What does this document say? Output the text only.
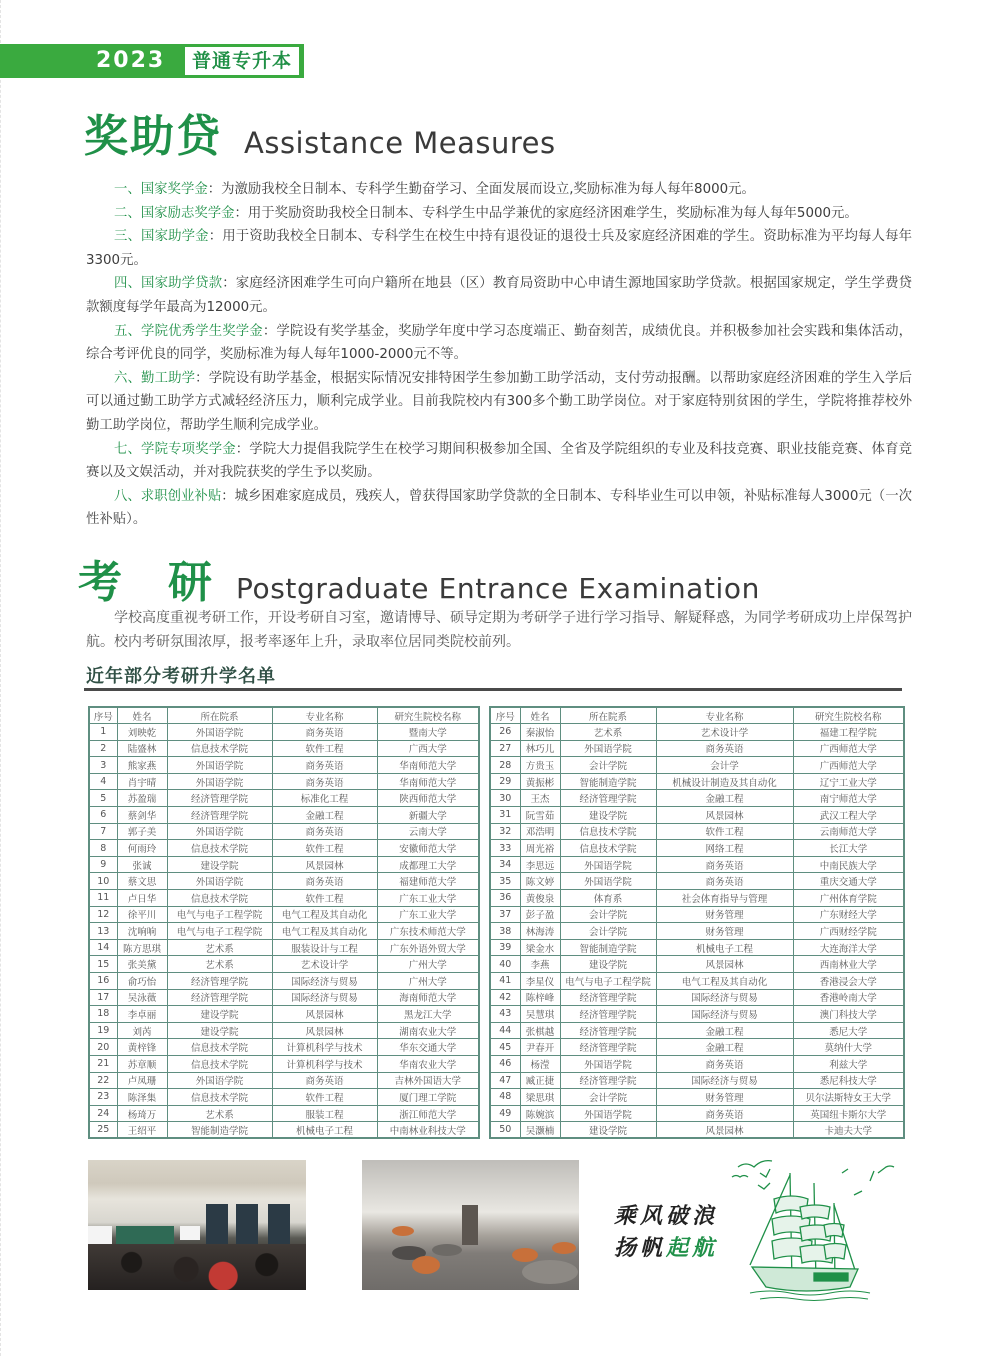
2023	普通专升本
奖助贷 Assistance Measures

一、国家奖学金：为激励我校全日制本、专科学生勤奋学习、全面发展而设立,奖励标准为每人每年8000元。

二、国家励志奖学金：用于奖励资助我校全日制本、专科学生中品学兼优的家庭经济困难学生，奖励标准为每人每年5000元。

三、国家助学金：用于资助我校全日制本、专科学生在校生中持有退役证的退役士兵及家庭经济困难的学生。资助标准为平均每人每年3300元。

四、国家助学贷款：家庭经济困难学生可向户籍所在地县（区）教育局资助中心申请生源地国家助学贷款。根据国家规定，学生学费贷款额度每学年最高为12000元。

五、学院优秀学生奖学金：学院设有奖学基金，奖励学年度中学习态度端正、勤奋刻苦，成绩优良。并积极参加社会实践和集体活动，综合考评优良的同学，奖励标准为每人每年1000-2000元不等。

六、勤工助学：学院设有助学基金，根据实际情况安排特困学生参加勤工助学活动，支付劳动报酬。以帮助家庭经济困难的学生入学后可以通过勤工助学方式减轻经济压力，顺利完成学业。目前我院校内有300多个勤工助学岗位。对于家庭特别贫困的学生，学院将推荐校外勤工助学岗位，帮助学生顺利完成学业。

七、学院专项奖学金：学院大力提倡我院学生在校学习期间积极参加全国、全省及学院组织的专业及科技竞赛、职业技能竞赛、体育竞赛以及文娱活动，并对我院获奖的学生予以奖励。

八、求职创业补贴：城乡困难家庭成员，残疾人，曾获得国家助学贷款的全日制本、专科毕业生可以申领，补贴标准每人3000元（一次性补贴）。

考研
Postgraduate Entrance Examination

学校高度重视考研工作，开设考研自习室，邀请博导、硕导定期为考研学子进行学习指导、解疑释惑，为同学考研成功上岸保驾护航。校内考研氛围浓厚，报考率逐年上升，录取率位居同类院校前列。

近年部分考研升学名单
序号	姓名	所在院系	专业名称	研究生院校名称
1	刘映乾	外国语学院	商务英语	暨南大学
2	陆盛林	信息技术学院	软件工程	广西大学
3	熊家燕	外国语学院	商务英语	华南师范大学
4	肖宇晴	外国语学院	商务英语	华南师范大学
5	苏盈瑞	经济管理学院	标准化工程	陕西师范大学
6	蔡剑华	经济管理学院	金融工程	新疆大学
7	郭子美	外国语学院	商务英语	云南大学
8	何雨玲	信息技术学院	软件工程	安徽师范大学
9	张诚	建设学院	风景园林	成都理工大学
10	蔡文思	外国语学院	商务英语	福建师范大学
11	卢日华	信息技术学院	软件工程	广东工业大学
12	徐平川	电气与电子工程学院	电气工程及其自动化	广东工业大学
13	沈响响	电气与电子工程学院	电气工程及其自动化	广东技术师范大学
14	陈方思琪	艺术系	服装设计与工程	广东外语外贸大学
15	张美黛	艺术系	艺术设计学	广州大学
16	俞巧怡	经济管理学院	国际经济与贸易	广州大学
17	吴泳薇	经济管理学院	国际经济与贸易	海南师范大学
18	李卓丽	建设学院	风景园林	黑龙江大学
19	刘芮	建设学院	风景园林	湖南农业大学
20	黄梓锋	信息技术学院	计算机科学与技术	华东交通大学
21	苏章顺	信息技术学院	计算机科学与技术	华南农业大学
22	卢凤珊	外国语学院	商务英语	吉林外国语大学
23	陈泽集	信息技术学院	软件工程	厦门理工学院
24	杨琦万	艺术系	服装工程	浙江师范大学
25	王绍平	智能制造学院	机械电子工程	中南林业科技大学
序号	姓名	所在院系	专业名称	研究生院校名称
26	秦淑怡	艺术系	艺术设计学	福建工程学院
27	林巧儿	外国语学院	商务英语	广西师范大学
28	方贵玉	会计学院	会计学	广西师范大学
29	黄振彬	智能制造学院	机械设计制造及其自动化	辽宁工业大学
30	王杰	经济管理学院	金融工程	南宁师范大学
31	阮雪茹	建设学院	风景园林	武汉工程大学
32	邓浩明	信息技术学院	软件工程	云南师范大学
33	周光裕	信息技术学院	网络工程	长江大学
34	李思远	外国语学院	商务英语	中南民族大学
35	陈文婷	外国语学院	商务英语	重庆交通大学
36	黄俊泉	体育系	社会体育指导与管理	广州体育学院
37	彭子盈	会计学院	财务管理	广东财经大学
38	林海涛	会计学院	财务管理	广西财经学院
39	梁金水	智能制造学院	机械电子工程	大连海洋大学
40	李燕	建设学院	风景园林	西南林业大学
41	李星仪	电气与电子工程学院	电气工程及其自动化	香港浸会大学
42	陈梓峰	经济管理学院	国际经济与贸易	香港岭南大学
43	吴慧琪	经济管理学院	国际经济与贸易	澳门科技大学
44	张棋越	经济管理学院	金融工程	悉尼大学
45	尹春开	经济管理学院	金融工程	莫纳什大学
46	杨滢	外国语学院	商务英语	利兹大学
47	臧正捷	经济管理学院	国际经济与贸易	悉尼科技大学
48	梁思琪	会计学院	财务管理	贝尔法斯特女王大学
49	陈婉滨	外国语学院	商务英语	英国纽卡斯尔大学
50	吴灏楠	建设学院	风景园林	卡迪夫大学
乘风破浪
扬帆起航
